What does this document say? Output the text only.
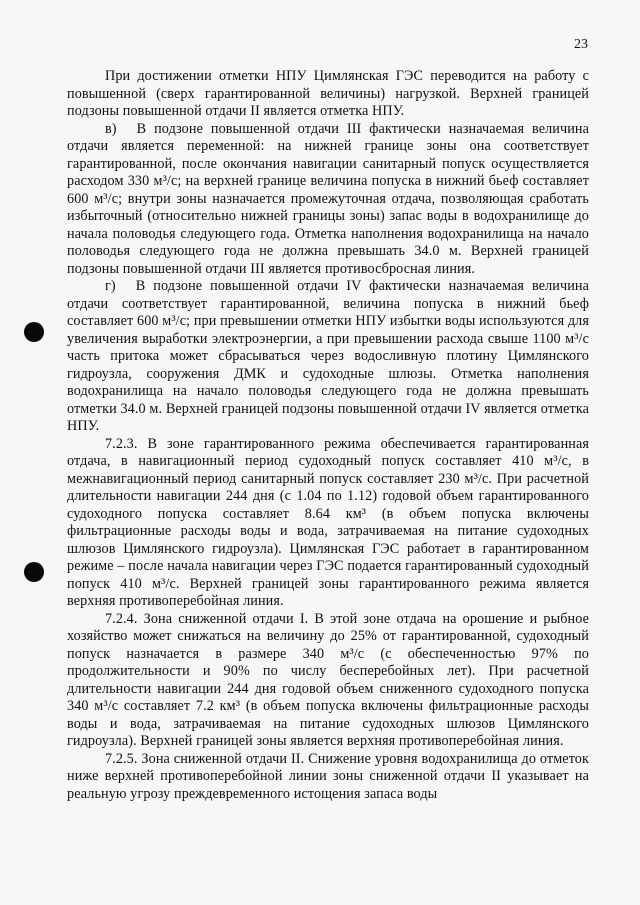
23

При достижении отметки НПУ Цимлянская ГЭС переводится на работу с повышенной (сверх гарантированной величины) нагрузкой. Верхней границей подзоны повышенной отдачи II является отметка НПУ.

в) В подзоне повышенной отдачи III фактически назначаемая величина отдачи является переменной: на нижней границе зоны она соответствует гарантированной, после окончания навигации санитарный попуск осуществляется расходом 330 м³/с; на верхней границе величина попуска в нижний бьеф составляет 600 м³/с; внутри зоны назначается промежуточная отдача, позволяющая сработать избыточный (относительно нижней границы зоны) запас воды в водохранилище до начала половодья следующего года. Отметка наполнения водохранилища на начало половодья следующего года не должна превышать 34.0 м. Верхней границей подзоны повышенной отдачи III является противосбросная линия.

г) В подзоне повышенной отдачи IV фактически назначаемая величина отдачи соответствует гарантированной, величина попуска в нижний бьеф составляет 600 м³/с; при превышении отметки НПУ избытки воды используются для увеличения выработки электроэнергии, а при превышении расхода свыше 1100 м³/с часть притока может сбрасываться через водосливную плотину Цимлянского гидроузла, сооружения ДМК и судоходные шлюзы. Отметка наполнения водохранилища на начало половодья следующего года не должна превышать отметки 34.0 м. Верхней границей подзоны повышенной отдачи IV является отметка НПУ.

7.2.3. В зоне гарантированного режима обеспечивается гарантированная отдача, в навигационный период судоходный попуск составляет 410 м³/с, в межнавигационный период санитарный попуск составляет 230 м³/с. При расчетной длительности навигации 244 дня (с 1.04 по 1.12) годовой объем гарантированного судоходного попуска составляет 8.64 км³ (в объем попуска включены фильтрационные расходы воды и вода, затрачиваемая на питание судоходных шлюзов Цимлянского гидроузла). Цимлянская ГЭС работает в гарантированном режиме – после начала навигации через ГЭС подается гарантированный судоходный попуск 410 м³/с. Верхней границей зоны гарантированного режима является верхняя противоперебойная линия.

7.2.4. Зона сниженной отдачи I. В этой зоне отдача на орошение и рыбное хозяйство может снижаться на величину до 25% от гарантированной, судоходный попуск назначается в размере 340 м³/с (с обеспеченностью 97% по продолжительности и 90% по числу бесперебойных лет). При расчетной длительности навигации 244 дня годовой объем сниженного судоходного попуска 340 м³/с составляет 7.2 км³ (в объем попуска включены фильтрационные расходы воды и вода, затрачиваемая на питание судоходных шлюзов Цимлянского гидроузла). Верхней границей зоны является верхняя противоперебойная линия.

7.2.5. Зона сниженной отдачи II. Снижение уровня водохранилища до отметок ниже верхней противоперебойной линии зоны сниженной отдачи II указывает на реальную угрозу преждевременного истощения запаса воды
